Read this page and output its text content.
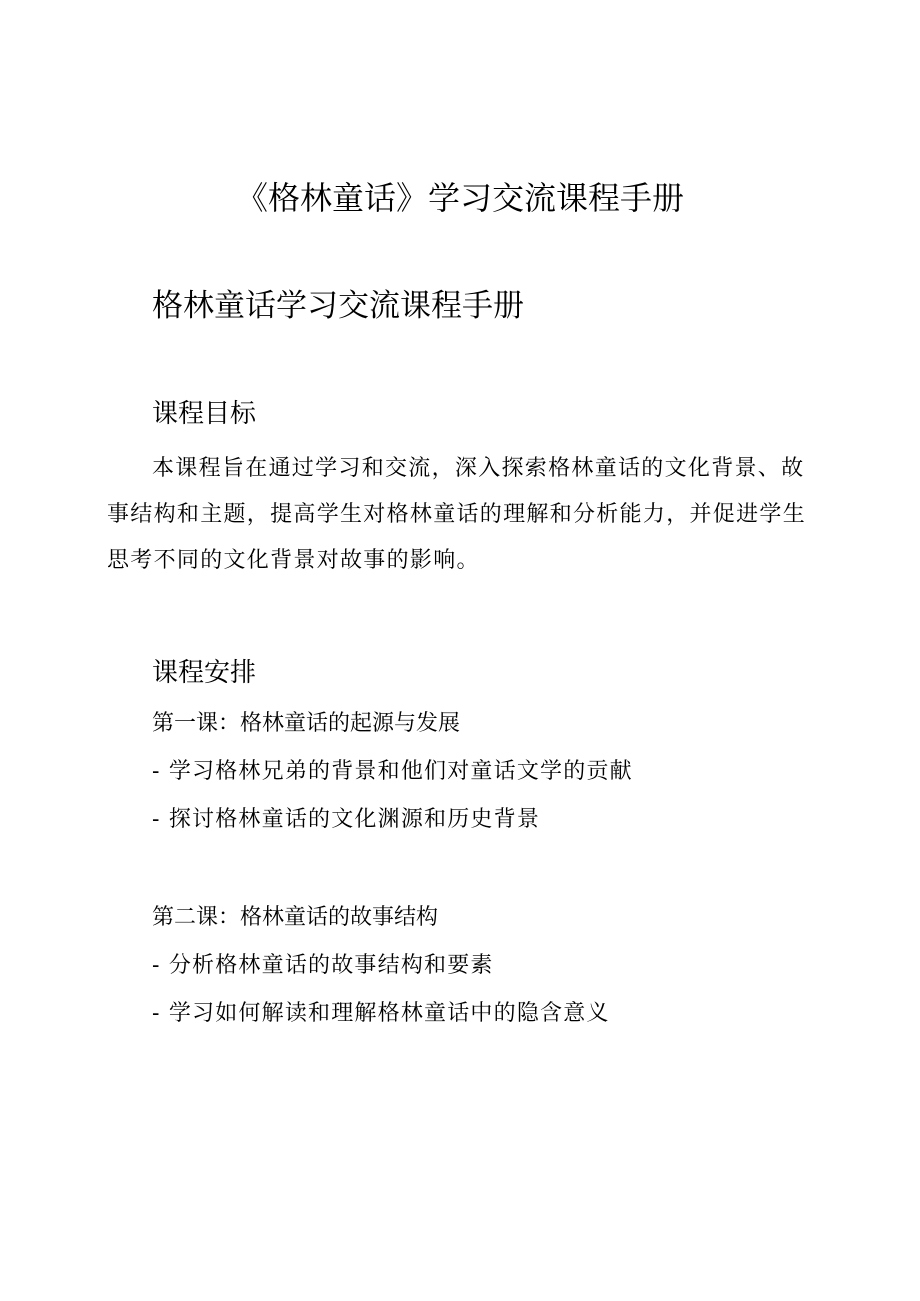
《格林童话》学习交流课程手册
格林童话学习交流课程手册
课程目标

本课程旨在通过学习和交流，深入探索格林童话的文化背景、故事结构和主题，提高学生对格林童话的理解和分析能力，并促进学生思考不同的文化背景对故事的影响。

课程安排

第一课：格林童话的起源与发展

- 学习格林兄弟的背景和他们对童话文学的贡献

- 探讨格林童话的文化渊源和历史背景

第二课：格林童话的故事结构

- 分析格林童话的故事结构和要素

- 学习如何解读和理解格林童话中的隐含意义
